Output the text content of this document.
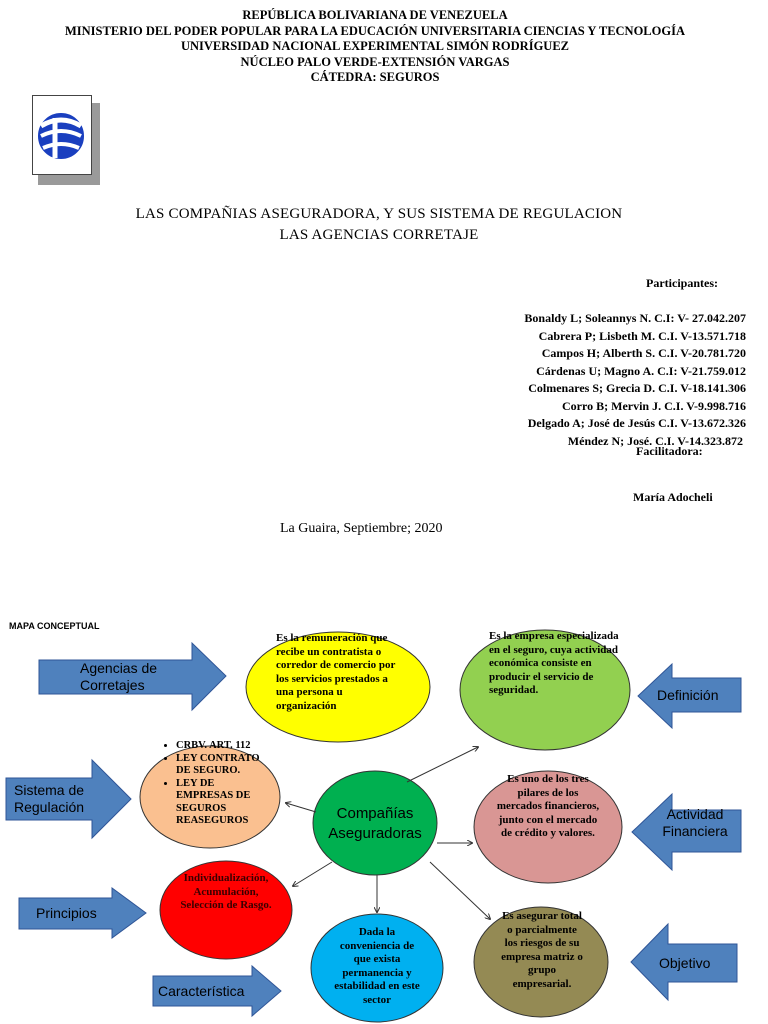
REPÚBLICA BOLIVARIANA DE VENEZUELA
MINISTERIO DEL PODER POPULAR PARA LA EDUCACIÓN UNIVERSITARIA CIENCIAS Y TECNOLOGÍA
UNIVERSIDAD NACIONAL EXPERIMENTAL SIMÓN RODRÍGUEZ
NÚCLEO PALO VERDE-EXTENSIÓN VARGAS
CÁTEDRA: SEGUROS
LAS COMPAÑIAS ASEGURADORA, Y SUS SISTEMA DE REGULACION
LAS AGENCIAS CORRETAJE
Participantes:
Bonaldy L; Soleannys N. C.I: V- 27.042.207
Cabrera P; Lisbeth M. C.I. V-13.571.718
Campos H; Alberth S. C.I. V-20.781.720
Cárdenas U; Magno A. C.I: V-21.759.012
Colmenares S; Grecia D. C.I. V-18.141.306
Corro B; Mervin J. C.I. V-9.998.716
Delgado A; José de Jesús C.I. V-13.672.326
Méndez N; José. C.I. V-14.323.872
Facilitadora:
María Adocheli
La Guaira, Septiembre; 2020
MAPA CONCEPTUAL
Agencias de Corretajes
Sistema de Regulación
Principios
Característica
Definición
Actividad Financiera
Objetivo
Es la remuneración que recibe un contratista o corredor de comercio por los servicios prestados a una persona u organización
Es la empresa especializada en el seguro, cuya actividad económica consiste en producir el servicio de seguridad.
• CRBV. ART. 112
• LEY CONTRATO DE SEGURO.
• LEY DE EMPRESAS DE SEGUROS REASEGUROS	Compañías Aseguradoras
Es uno de los tres pilares de los mercados financieros, junto con el mercado de crédito y valores.
Individualización, Acumulación, Selección de Rasgo.
Dada la conveniencia de que exista permanencia y estabilidad en este sector
Es asegurar total o parcialmente los riesgos de su empresa matriz o grupo empresarial.
